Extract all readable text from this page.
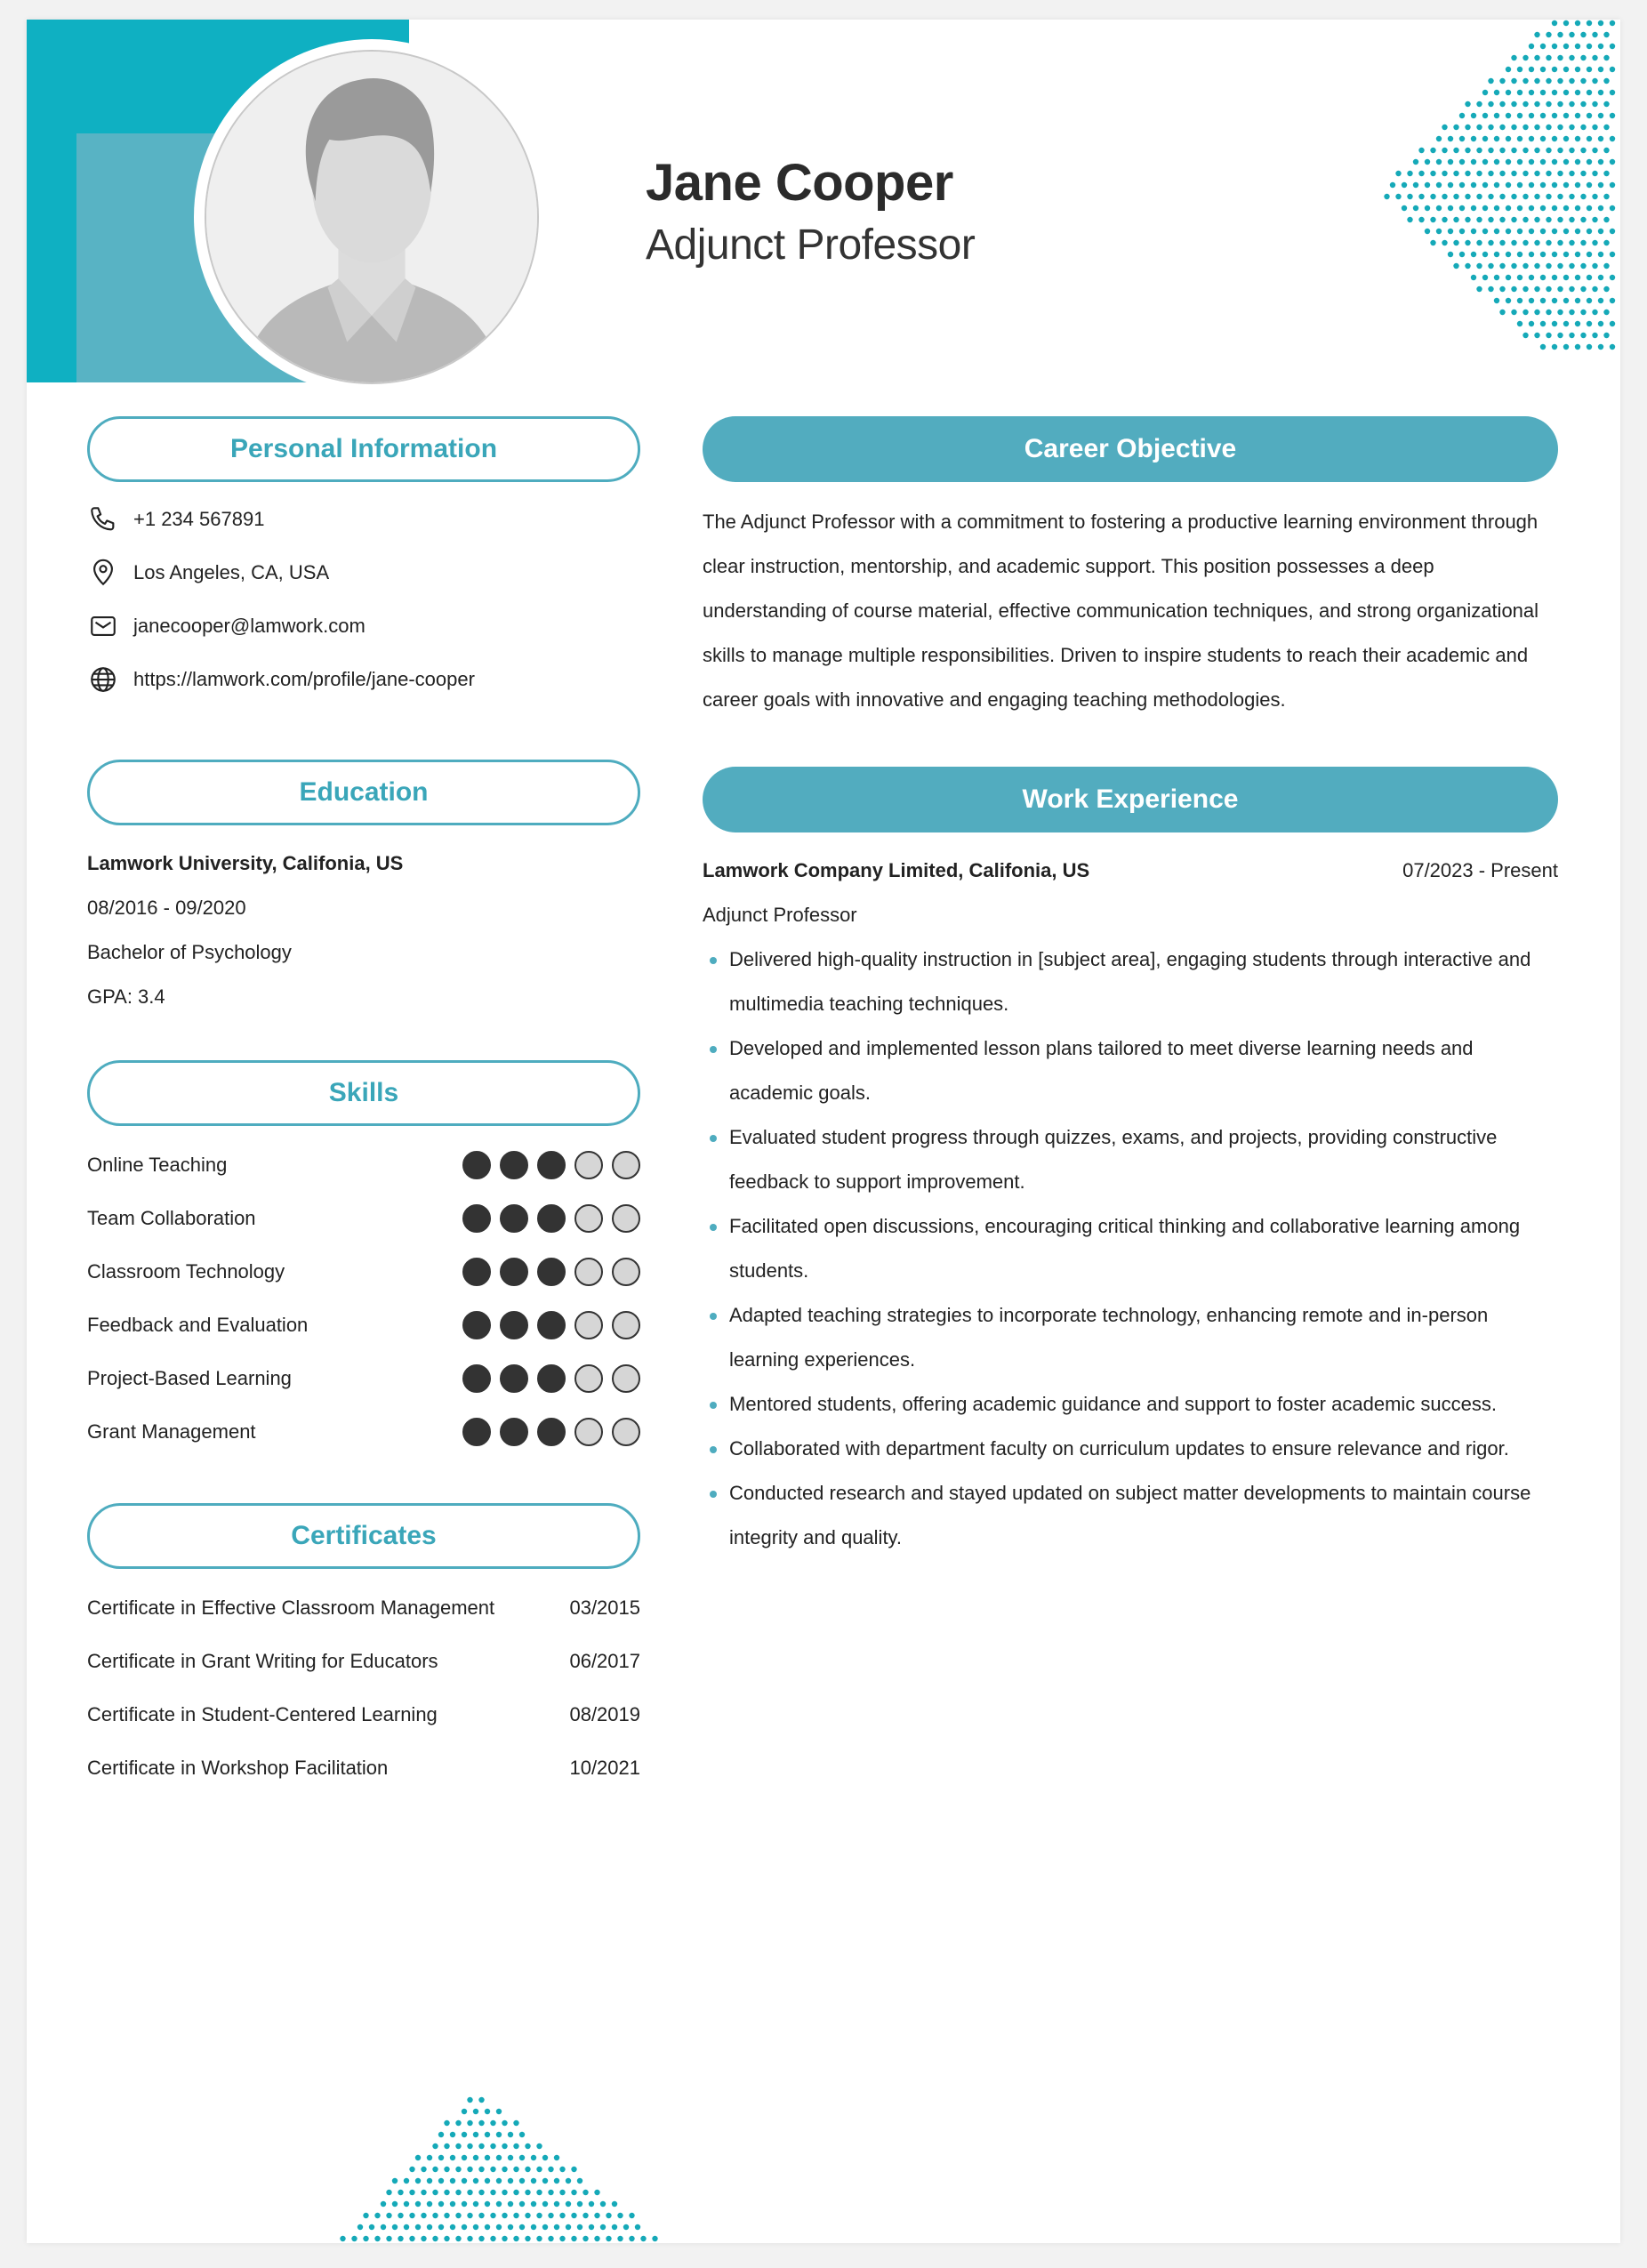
Jane Cooper
Adjunct Professor
Personal Information
+1 234 567891
Los Angeles, CA, USA
janecooper@lamwork.com
https://lamwork.com/profile/jane-cooper
Education
Lamwork University, Califonia, US
08/2016 - 09/2020
Bachelor of Psychology
GPA: 3.4
Skills
Online Teaching
Team Collaboration
Classroom Technology
Feedback and Evaluation
Project-Based Learning
Grant Management
Certificates
Certificate in Effective Classroom Management	03/2015
Certificate in Grant Writing for Educators	06/2017
Certificate in Student-Centered Learning	08/2019
Certificate in Workshop Facilitation	10/2021
Career Objective

The Adjunct Professor with a commitment to fostering a productive learning environment through clear instruction, mentorship, and academic support. This position possesses a deep understanding of course material, effective communication techniques, and strong organizational skills to manage multiple responsibilities. Driven to inspire students to reach their academic and career goals with innovative and engaging teaching methodologies.

Work Experience
Lamwork Company Limited, Califonia, US	07/2023 - Present
Adjunct Professor
Delivered high-quality instruction in [subject area], engaging students through interactive and multimedia teaching techniques.
Developed and implemented lesson plans tailored to meet diverse learning needs and academic goals.
Evaluated student progress through quizzes, exams, and projects, providing constructive feedback to support improvement.
Facilitated open discussions, encouraging critical thinking and collaborative learning among students.
Adapted teaching strategies to incorporate technology, enhancing remote and in-person learning experiences.
Mentored students, offering academic guidance and support to foster academic success.
Collaborated with department faculty on curriculum updates to ensure relevance and rigor.
Conducted research and stayed updated on subject matter developments to maintain course integrity and quality.
